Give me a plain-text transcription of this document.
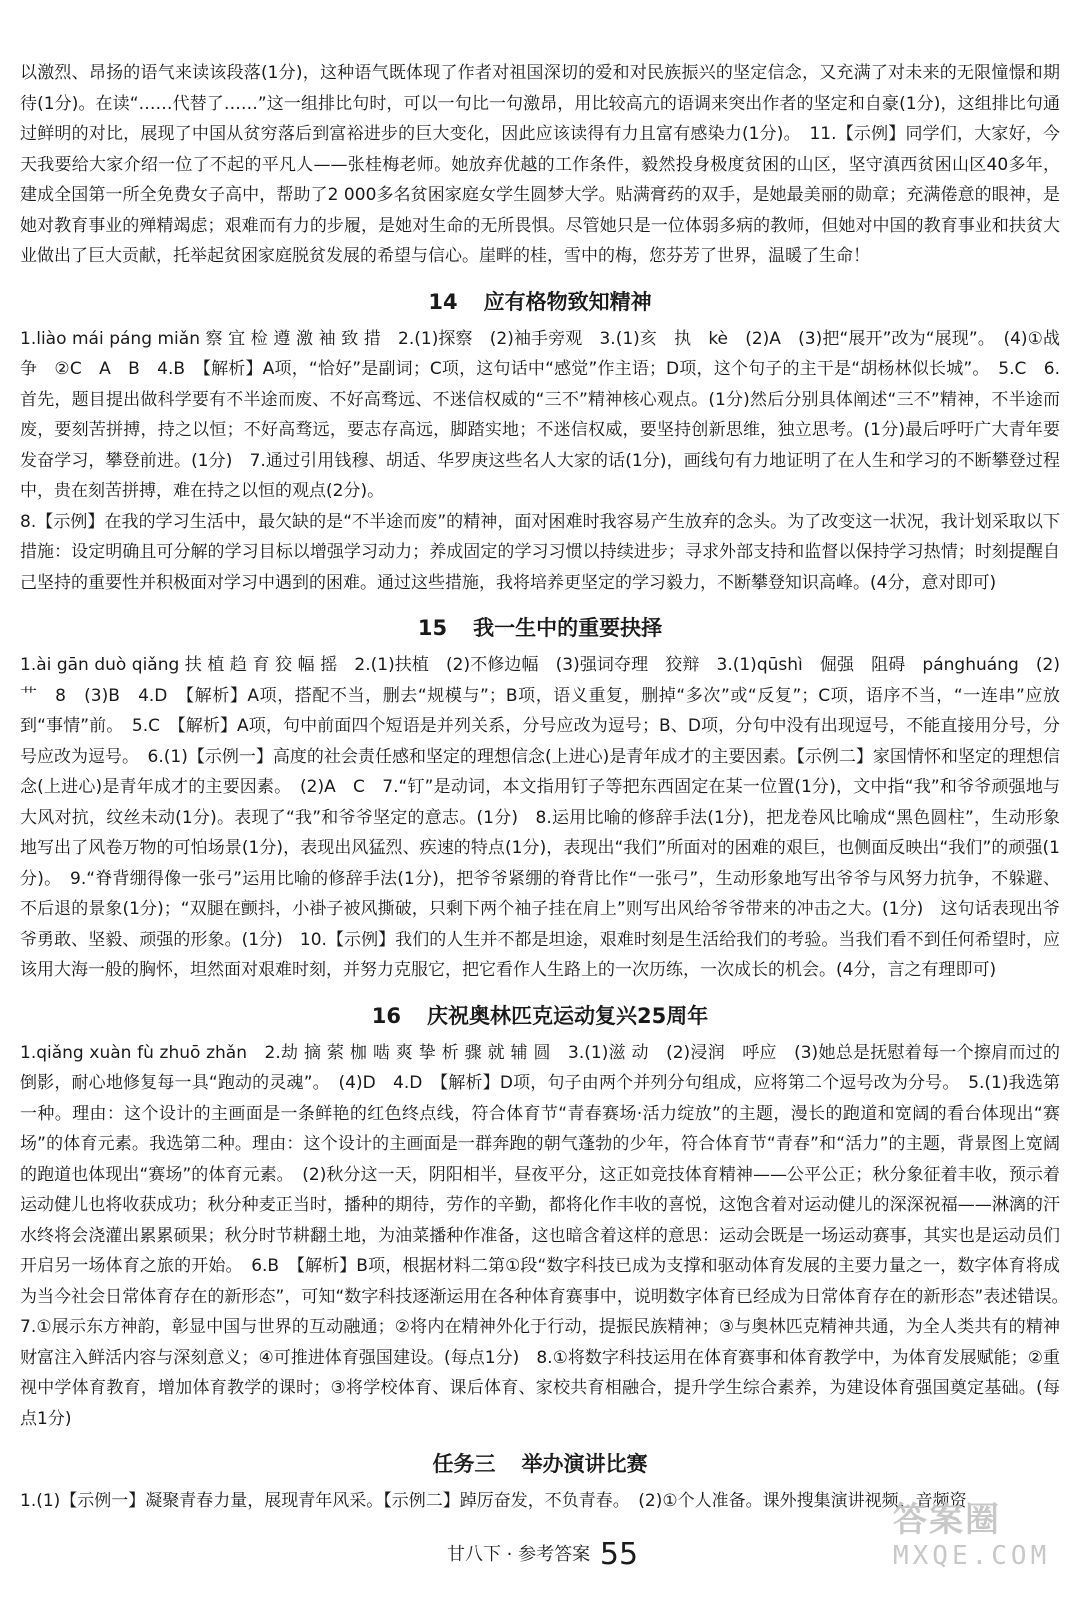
以激烈、昂扬的语气来读该段落(1分)，这种语气既体现了作者对祖国深切的爱和对民族振兴的坚定信念，又充满了对未来的无限憧憬和期待(1分)。在读“……代替了……”这一组排比句时，可以一句比一句激昂，用比较高亢的语调来突出作者的坚定和自豪(1分)，这组排比句通过鲜明的对比，展现了中国从贫穷落后到富裕进步的巨大变化，因此应该读得有力且富有感染力(1分)。　11.【示例】同学们，大家好，今天我要给大家介绍一位了不起的平凡人——张桂梅老师。她放弃优越的工作条件，毅然投身极度贫困的山区，坚守滇西贫困山区40多年，建成全国第一所全免费女子高中，帮助了2 000多名贫困家庭女学生圆梦大学。贴满膏药的双手，是她最美丽的勋章；充满倦意的眼神，是她对教育事业的殚精竭虑；艰难而有力的步履，是她对生命的无所畏惧。尽管她只是一位体弱多病的教师，但她对中国的教育事业和扶贫大业做出了巨大贡献，托举起贫困家庭脱贫发展的希望与信心。崖畔的桂，雪中的梅，您芬芳了世界，温暖了生命！

14 应有格物致知精神

1.liào mái páng miǎn 察 宜 检 遵 激 袖 致 措　2.(1)探察　(2)袖手旁观　3.(1)亥　执　kè　(2)A　(3)把“展开”改为“展现”。　(4)①战争　②C　A　B　4.B　【解析】A项，“恰好”是副词；C项，这句话中“感觉”作主语；D项，这个句子的主干是“胡杨林似长城”。　5.C　6.首先，题目提出做科学要有不半途而废、不好高骛远、不迷信权威的“三不”精神核心观点。(1分)然后分别具体阐述“三不”精神，不半途而废，要刻苦拼搏，持之以恒；不好高骛远，要志存高远，脚踏实地；不迷信权威，要坚持创新思维，独立思考。(1分)最后呼吁广大青年要发奋学习，攀登前进。(1分)　7.通过引用钱穆、胡适、华罗庚这些名人大家的话(1分)，画线句有力地证明了在人生和学习的不断攀登过程中，贵在刻苦拼搏，难在持之以恒的观点(2分)。
8.【示例】在我的学习生活中，最欠缺的是“不半途而废”的精神，面对困难时我容易产生放弃的念头。为了改变这一状况，我计划采取以下措施：设定明确且可分解的学习目标以增强学习动力；养成固定的学习习惯以持续进步；寻求外部支持和监督以保持学习热情；时刻提醒自己坚持的重要性并积极面对学习中遇到的困难。通过这些措施，我将培养更坚定的学习毅力，不断攀登知识高峰。(4分，意对即可)

15 我一生中的重要抉择

1.ài gān duò qiǎng 扶 植 趋 育 狡 幅 摇　2.(1)扶植　(2)不修边幅　(3)强词夺理　狡辩　3.(1)qūshì　倔强　阻碍　pánghuáng　(2)艹　8　(3)B　4.D　【解析】A项，搭配不当，删去“规模与”；B项，语义重复，删掉“多次”或“反复”；C项，语序不当，“一连串”应放到“事情”前。　5.C　【解析】A项，句中前面四个短语是并列关系，分号应改为逗号；B、D项，分句中没有出现逗号，不能直接用分号，分号应改为逗号。　6.(1)【示例一】高度的社会责任感和坚定的理想信念(上进心)是青年成才的主要因素。【示例二】家国情怀和坚定的理想信念(上进心)是青年成才的主要因素。　(2)A　C　7.“钉”是动词，本文指用钉子等把东西固定在某一位置(1分)，文中指“我”和爷爷顽强地与大风对抗，纹丝未动(1分)。表现了“我”和爷爷坚定的意志。(1分)　8.运用比喻的修辞手法(1分)，把龙卷风比喻成“黑色圆柱”，生动形象地写出了风卷万物的可怕场景(1分)，表现出风猛烈、疾速的特点(1分)，表现出“我们”所面对的困难的艰巨，也侧面反映出“我们”的顽强(1分)。　9.“脊背绷得像一张弓”运用比喻的修辞手法(1分)，把爷爷紧绷的脊背比作“一张弓”，生动形象地写出爷爷与风努力抗争，不躲避、不后退的景象(1分)；“双腿在颤抖，小褂子被风撕破，只剩下两个袖子挂在肩上”则写出风给爷爷带来的冲击之大。(1分)　这句话表现出爷爷勇敢、坚毅、顽强的形象。(1分)　10.【示例】我们的人生并不都是坦途，艰难时刻是生活给我们的考验。当我们看不到任何希望时，应该用大海一般的胸怀，坦然面对艰难时刻，并努力克服它，把它看作人生路上的一次历练，一次成长的机会。(4分，言之有理即可)

16 庆祝奥林匹克运动复兴25周年

1.qiǎng xuàn fù zhuō zhǎn　2.劫 摘 萦 枷 啮 爽 挚 析 骤 就 辅 圆　3.(1)滋 动　(2)浸润　呼应　(3)她总是抚慰着每一个擦肩而过的倒影，耐心地修复每一具“跑动的灵魂”。　(4)D　4.D　【解析】D项，句子由两个并列分句组成，应将第二个逗号改为分号。　5.(1)我选第一种。理由：这个设计的主画面是一条鲜艳的红色终点线，符合体育节“青春赛场·活力绽放”的主题，漫长的跑道和宽阔的看台体现出“赛场”的体育元素。我选第二种。理由：这个设计的主画面是一群奔跑的朝气蓬勃的少年，符合体育节“青春”和“活力”的主题，背景图上宽阔的跑道也体现出“赛场”的体育元素。　(2)秋分这一天，阴阳相半，昼夜平分，这正如竞技体育精神——公平公正；秋分象征着丰收，预示着运动健儿也将收获成功；秋分种麦正当时，播种的期待，劳作的辛勤，都将化作丰收的喜悦，这饱含着对运动健儿的深深祝福——淋漓的汗水终将会浇灌出累累硕果；秋分时节耕翻土地，为油菜播种作准备，这也暗含着这样的意思：运动会既是一场运动赛事，其实也是运动员们开启另一场体育之旅的开始。　6.B　【解析】B项，根据材料二第①段“数字科技已成为支撑和驱动体育发展的主要力量之一，数字体育将成为当今社会日常体育存在的新形态”，可知“数字科技逐渐运用在各种体育赛事中，说明数字体育已经成为日常体育存在的新形态”表述错误。　7.①展示东方神韵，彰显中国与世界的互动融通；②将内在精神外化于行动，提振民族精神；③与奥林匹克精神共通，为全人类共有的精神财富注入鲜活内容与深刻意义；④可推进体育强国建设。(每点1分)　8.①将数字科技运用在体育赛事和体育教学中，为体育发展赋能；②重视中学体育教育，增加体育教学的课时；③将学校体育、课后体育、家校共育相融合，提升学生综合素养，为建设体育强国奠定基础。(每点1分)

任务三 举办演讲比赛

1.(1)【示例一】凝聚青春力量，展现青年风采。【示例二】踔厉奋发，不负青春。　(2)①个人准备。课外搜集演讲视频、音频资

甘八下 · 参考答案 55
答案圈
MXQE.COM
